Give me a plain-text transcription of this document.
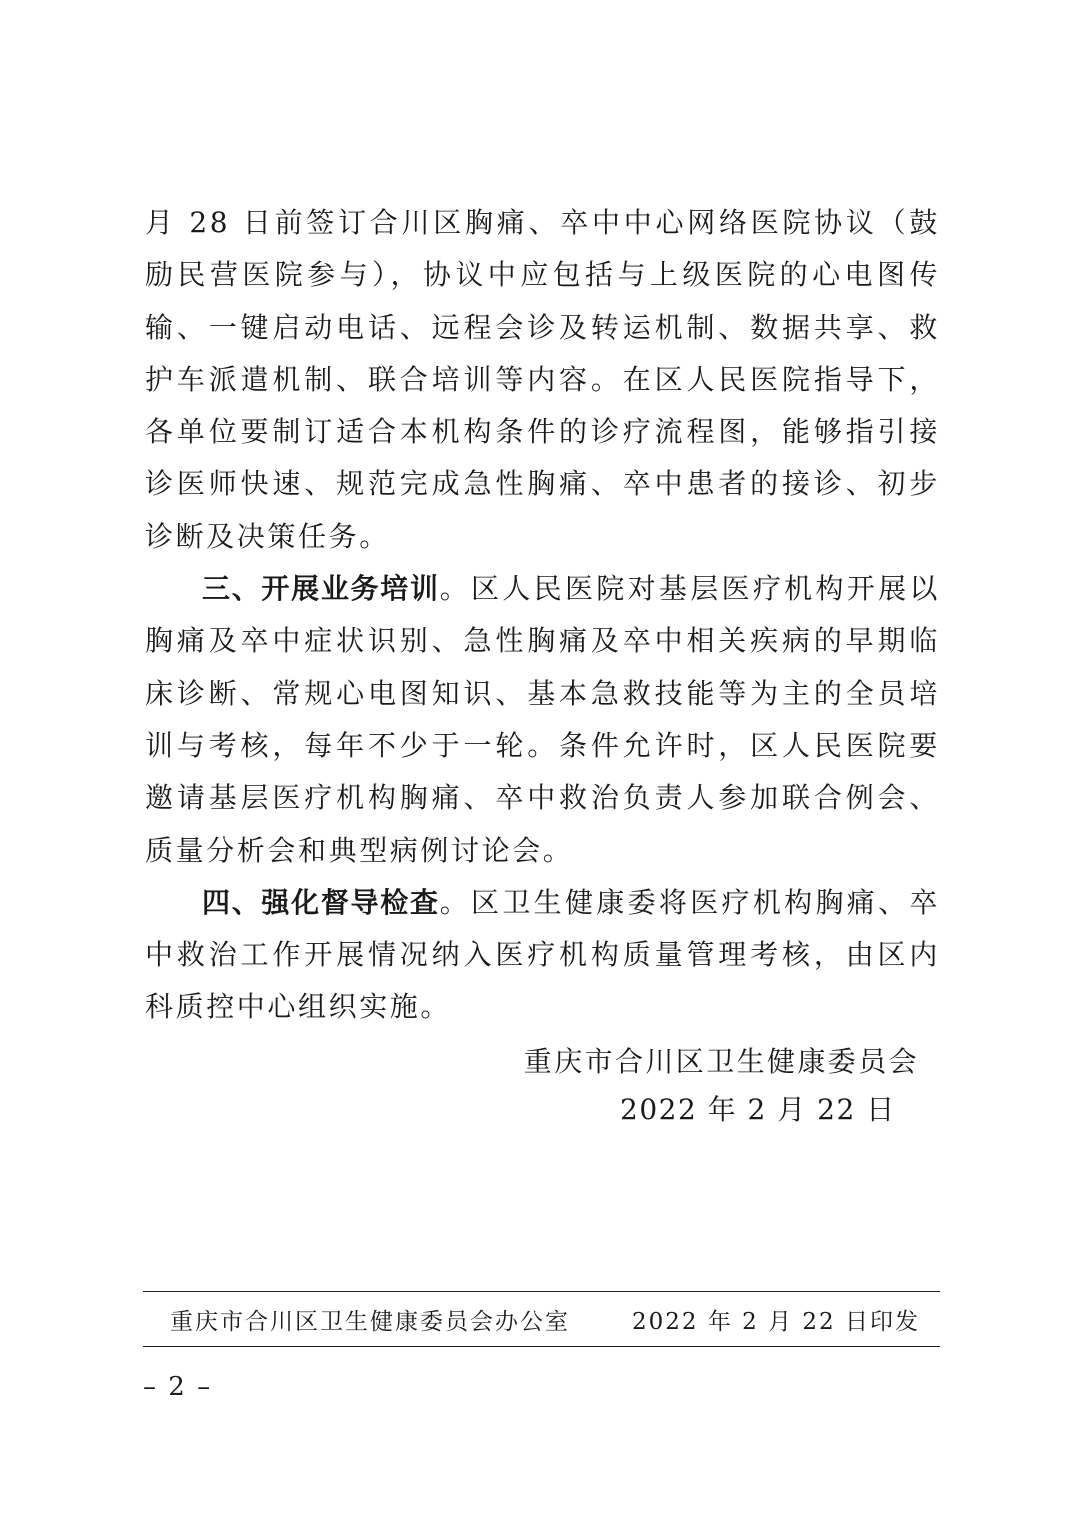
月 28 日前签订合川区胸痛、卒中中心网络医院协议（鼓励民营医院参与），协议中应包括与上级医院的心电图传输、一键启动电话、远程会诊及转运机制、数据共享、救护车派遣机制、联合培训等内容。在区人民医院指导下，各单位要制订适合本机构条件的诊疗流程图，能够指引接诊医师快速、规范完成急性胸痛、卒中患者的接诊、初步诊断及决策任务。

三、开展业务培训。区人民医院对基层医疗机构开展以胸痛及卒中症状识别、急性胸痛及卒中相关疾病的早期临床诊断、常规心电图知识、基本急救技能等为主的全员培训与考核，每年不少于一轮。条件允许时，区人民医院要邀请基层医疗机构胸痛、卒中救治负责人参加联合例会、质量分析会和典型病例讨论会。

四、强化督导检查。区卫生健康委将医疗机构胸痛、卒中救治工作开展情况纳入医疗机构质量管理考核，由区内科质控中心组织实施。

重庆市合川区卫生健康委员会
2022 年 2 月 22 日
重庆市合川区卫生健康委员会办公室	2022 年 2 月 22 日印发
– 2 –
